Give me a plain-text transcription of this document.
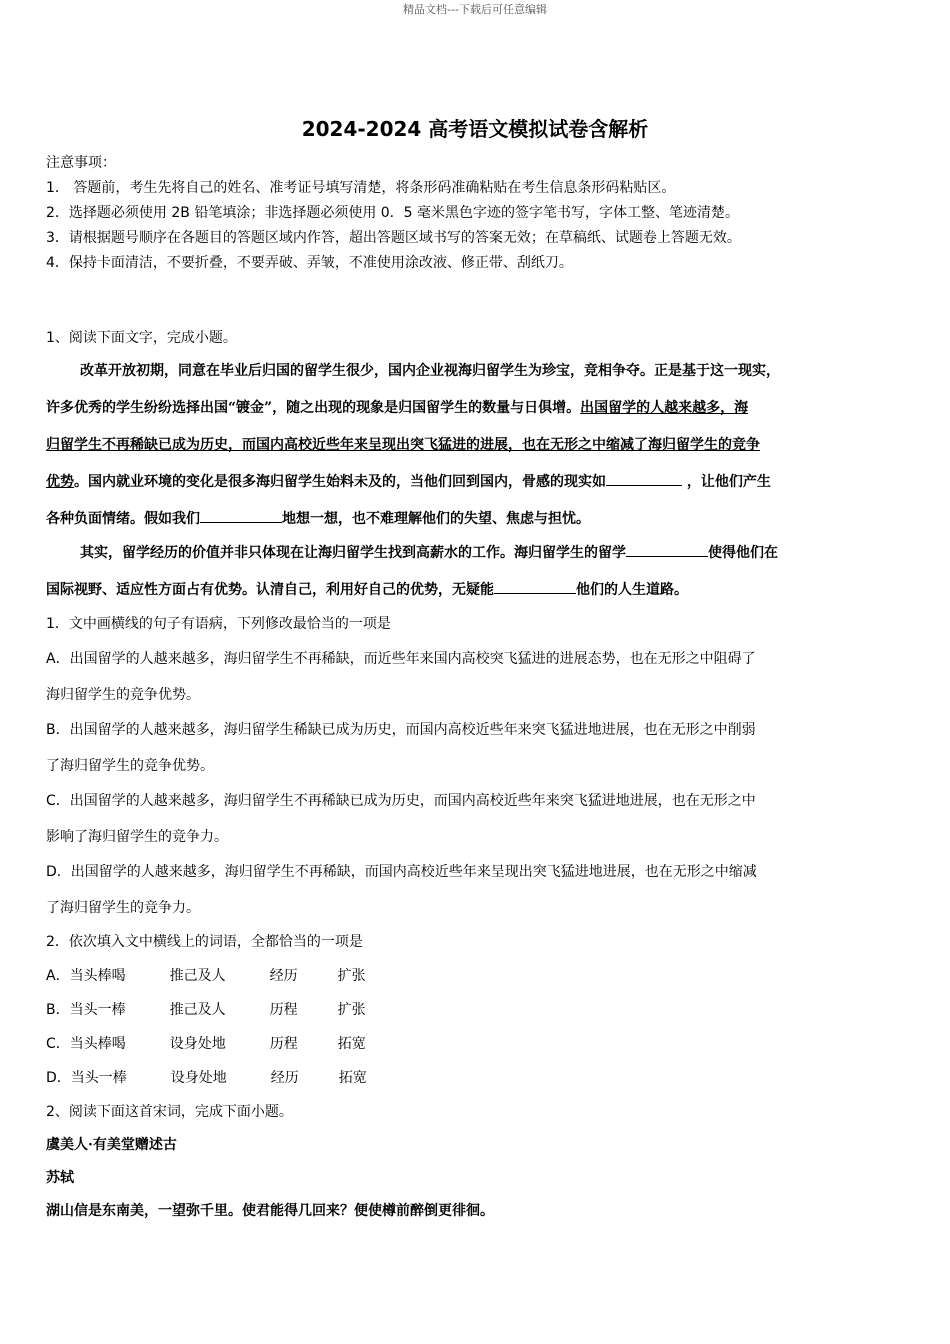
精品文档---下载后可任意编辑
2024-2024 高考语文模拟试卷含解析
注意事项：
1． 答题前，考生先将自己的姓名、准考证号填写清楚，将条形码准确粘贴在考生信息条形码粘贴区。
2．选择题必须使用 2B 铅笔填涂；非选择题必须使用 0．5 毫米黑色字迹的签字笔书写，字体工整、笔迹清楚。
3．请根据题号顺序在各题目的答题区域内作答，超出答题区域书写的答案无效；在草稿纸、试题卷上答题无效。
4．保持卡面清洁，不要折叠，不要弄破、弄皱，不准使用涂改液、修正带、刮纸刀。
1、阅读下面文字，完成小题。
改革开放初期，同意在毕业后归国的留学生很少，国内企业视海归留学生为珍宝，竞相争夺。正是基于这一现实，
许多优秀的学生纷纷选择出国“镀金”，随之出现的现象是归国留学生的数量与日俱增。出国留学的人越来越多，海
归留学生不再稀缺已成为历史，而国内高校近些年来呈现出突飞猛进的进展，也在无形之中缩减了海归留学生的竞争
优势。国内就业环境的变化是很多海归留学生始料未及的，当他们回到国内，骨感的现实如	，让他们产生
各种负面情绪。假如我们	地想一想，也不难理解他们的失望、焦虑与担忧。
其实，留学经历的价值并非只体现在让海归留学生找到高薪水的工作。海归留学生的留学	使得他们在
国际视野、适应性方面占有优势。认清自己，利用好自己的优势，无疑能	他们的人生道路。
1．文中画横线的句子有语病，下列修改最恰当的一项是
A．出国留学的人越来越多，海归留学生不再稀缺，而近些年来国内高校突飞猛进的进展态势，也在无形之中阻碍了
海归留学生的竞争优势。
B．出国留学的人越来越多，海归留学生稀缺已成为历史，而国内高校近些年来突飞猛进地进展，也在无形之中削弱
了海归留学生的竞争优势。
C．出国留学的人越来越多，海归留学生不再稀缺已成为历史，而国内高校近些年来突飞猛进地进展，也在无形之中
影响了海归留学生的竞争力。
D．出国留学的人越来越多，海归留学生不再稀缺，而国内高校近些年来呈现出突飞猛进地进展，也在无形之中缩减
了海归留学生的竞争力。
2．依次填入文中横线上的词语，全都恰当的一项是
A．当头棒喝	推己及人	经历	扩张
B．当头一棒	推己及人	历程	扩张
C．当头棒喝	设身处地	历程	拓宽
D．当头一棒	设身处地	经历	拓宽
2、阅读下面这首宋词，完成下面小题。
虞美人·有美堂赠述古
苏轼
湖山信是东南美，一望弥千里。使君能得几回来？便使樽前醉倒更徘徊。
